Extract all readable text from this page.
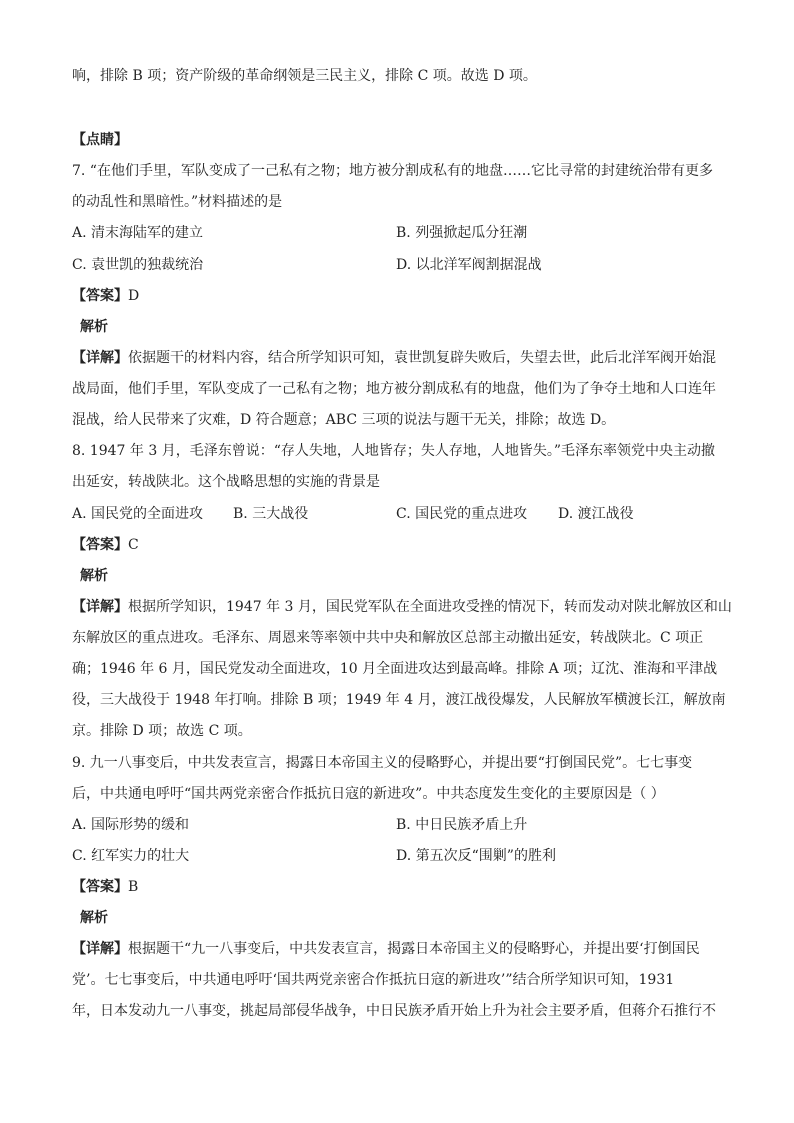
响，排除 B 项；资产阶级的革命纲领是三民主义，排除 C 项。故选 D 项。
【点睛】
7. “在他们手里，军队变成了一己私有之物；地方被分割成私有的地盘……它比寻常的封建统治带有更多
的动乱性和黑暗性。”材料描述的是
A. 清末海陆军的建立	B. 列强掀起瓜分狂潮
C. 袁世凯的独裁统治	D. 以北洋军阀割据混战
【答案】D
解析
【详解】依据题干的材料内容，结合所学知识可知，袁世凯复辟失败后，失望去世，此后北洋军阀开始混
战局面，他们手里，军队变成了一己私有之物；地方被分割成私有的地盘，他们为了争夺土地和人口连年
混战，给人民带来了灾难，D 符合题意；ABC 三项的说法与题干无关，排除；故选 D。
8. 1947 年 3 月，毛泽东曾说：“存人失地，人地皆存；失人存地，人地皆失。”毛泽东率领党中央主动撤
出延安，转战陕北。这个战略思想的实施的背景是
A. 国民党的全面进攻 B. 三大战役	C. 国民党的重点进攻 D. 渡江战役
【答案】C
解析
【详解】根据所学知识，1947 年 3 月，国民党军队在全面进攻受挫的情况下，转而发动对陕北解放区和山
东解放区的重点进攻。毛泽东、周恩来等率领中共中央和解放区总部主动撤出延安，转战陕北。C 项正
确；1946 年 6 月，国民党发动全面进攻，10 月全面进攻达到最高峰。排除 A 项；辽沈、淮海和平津战
役，三大战役于 1948 年打响。排除 B 项；1949 年 4 月，渡江战役爆发，人民解放军横渡长江，解放南
京。排除 D 项；故选 C 项。
9. 九一八事变后，中共发表宣言，揭露日本帝国主义的侵略野心，并提出要“打倒国民党”。七七事变
后，中共通电呼吁“国共两党亲密合作抵抗日寇的新进攻”。中共态度发生变化的主要原因是（ ）
A. 国际形势的缓和	B. 中日民族矛盾上升
C. 红军实力的壮大	D. 第五次反“围剿”的胜利
【答案】B
解析
【详解】根据题干“九一八事变后，中共发表宣言，揭露日本帝国主义的侵略野心，并提出要‘打倒国民
党’。七七事变后，中共通电呼吁‘国共两党亲密合作抵抗日寇的新进攻’”结合所学知识可知，1931
年，日本发动九一八事变，挑起局部侵华战争，中日民族矛盾开始上升为社会主要矛盾，但蒋介石推行不
